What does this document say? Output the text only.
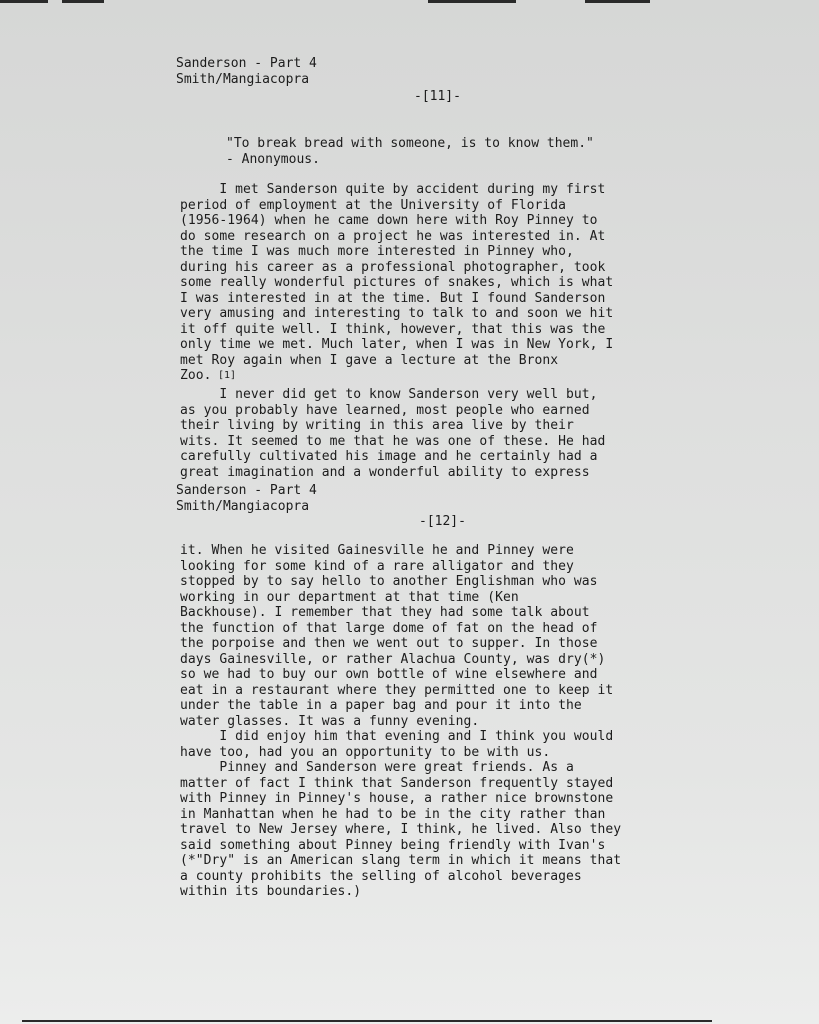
Sanderson - Part 4
Smith/Mangiacopra
-[11]-
"To break bread with someone, is to know them."
- Anonymous.
I met Sanderson quite by accident during my first
period of employment at the University of Florida
(1956-1964) when he came down here with Roy Pinney to
do some research on a project he was interested in. At
the time I was much more interested in Pinney who,
during his career as a professional photographer, took
some really wonderful pictures of snakes, which is what
I was interested in at the time. But I found Sanderson
very amusing and interesting to talk to and soon we hit
it off quite well. I think, however, that this was the
only time we met. Much later, when I was in New York, I
met Roy again when I gave a lecture at the Bronx
Zoo. [1]
I never did get to know Sanderson very well but,
as you probably have learned, most people who earned
their living by writing in this area live by their
wits. It seemed to me that he was one of these. He had
carefully cultivated his image and he certainly had a
great imagination and a wonderful ability to express
Sanderson - Part 4
Smith/Mangiacopra
-[12]-
it. When he visited Gainesville he and Pinney were
looking for some kind of a rare alligator and they
stopped by to say hello to another Englishman who was
working in our department at that time (Ken
Backhouse). I remember that they had some talk about
the function of that large dome of fat on the head of
the porpoise and then we went out to supper. In those
days Gainesville, or rather Alachua County, was dry(*)
so we had to buy our own bottle of wine elsewhere and
eat in a restaurant where they permitted one to keep it
under the table in a paper bag and pour it into the
water glasses. It was a funny evening.
I did enjoy him that evening and I think you would
have too, had you an opportunity to be with us.
Pinney and Sanderson were great friends. As a
matter of fact I think that Sanderson frequently stayed
with Pinney in Pinney's house, a rather nice brownstone
in Manhattan when he had to be in the city rather than
travel to New Jersey where, I think, he lived. Also they
said something about Pinney being friendly with Ivan's
(*"Dry" is an American slang term in which it means that
a county prohibits the selling of alcohol beverages
within its boundaries.)
